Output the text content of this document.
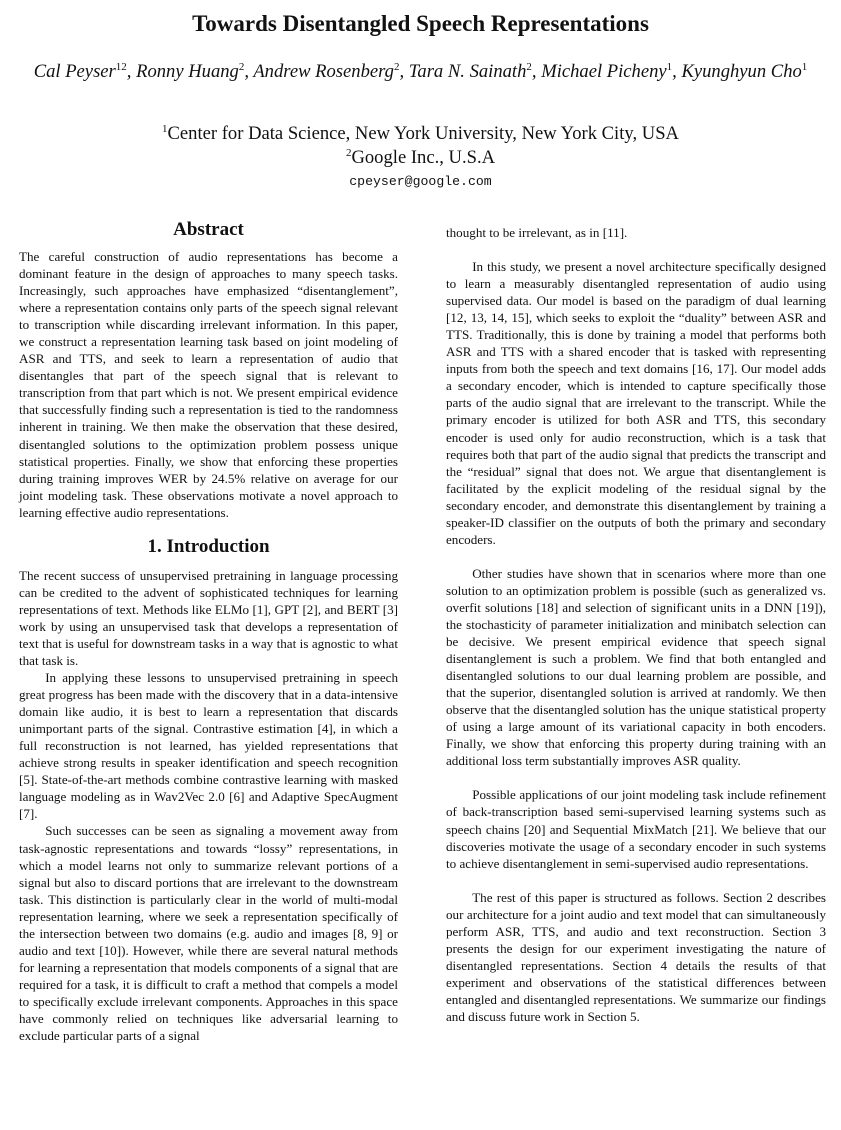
Towards Disentangled Speech Representations
Cal Peyser$^{12}$, Ronny Huang$^2$, Andrew Rosenberg$^2$, Tara N. Sainath$^2$, Michael Picheny$^1$, Kyunghyun Cho$^1$
$^1$Center for Data Science, New York University, New York City, USA
$^2$Google Inc., U.S.A
cpeyser@google.com
Abstract

The careful construction of audio representations has become a dominant feature in the design of approaches to many speech tasks. Increasingly, such approaches have emphasized “disentanglement”, where a representation contains only parts of the speech signal relevant to transcription while discarding irrelevant information. In this paper, we construct a representation learning task based on joint modeling of ASR and TTS, and seek to learn a representation of audio that disentangles that part of the speech signal that is relevant to transcription from that part which is not. We present empirical evidence that successfully finding such a representation is tied to the randomness inherent in training. We then make the observation that these desired, disentangled solutions to the optimization problem possess unique statistical properties. Finally, we show that enforcing these properties during training improves WER by 24.5% relative on average for our joint modeling task. These observations motivate a novel approach to learning effective audio representations.

1. Introduction

The recent success of unsupervised pretraining in language processing can be credited to the advent of sophisticated techniques for learning representations of text. Methods like ELMo [1], GPT [2], and BERT [3] work by using an unsupervised task that develops a representation of text that is useful for downstream tasks in a way that is agnostic to what that task is.

In applying these lessons to unsupervised pretraining in speech great progress has been made with the discovery that in a data-intensive domain like audio, it is best to learn a representation that discards unimportant parts of the signal. Contrastive estimation [4], in which a full reconstruction is not learned, has yielded representations that achieve strong results in speaker identification and speech recognition [5]. State-of-the-art methods combine contrastive learning with masked language modeling as in Wav2Vec 2.0 [6] and Adaptive SpecAugment [7].

Such successes can be seen as signaling a movement away from task-agnostic representations and towards “lossy” representations, in which a model learns not only to summarize relevant portions of a signal but also to discard portions that are irrelevant to the downstream task. This distinction is particularly clear in the world of multi-modal representation learning, where we seek a representation specifically of the intersection between two domains (e.g. audio and images [8, 9] or audio and text [10]). However, while there are several natural methods for learning a representation that models components of a signal that are required for a task, it is difficult to craft a method that compels a model to specifically exclude irrelevant components. Approaches in this space have commonly relied on techniques like adversarial learning to exclude particular parts of a signal

thought to be irrelevant, as in [11].

In this study, we present a novel architecture specifically designed to learn a measurably disentangled representation of audio using supervised data. Our model is based on the paradigm of dual learning [12, 13, 14, 15], which seeks to exploit the “duality” between ASR and TTS. Traditionally, this is done by training a model that performs both ASR and TTS with a shared encoder that is tasked with representing inputs from both the speech and text domains [16, 17]. Our model adds a secondary encoder, which is intended to capture specifically those parts of the audio signal that are irrelevant to the transcript. While the primary encoder is utilized for both ASR and TTS, this secondary encoder is used only for audio reconstruction, which is a task that requires both that part of the audio signal that predicts the transcript and the “residual” signal that does not. We argue that disentanglement is facilitated by the explicit modeling of the residual signal by the secondary encoder, and demonstrate this disentanglement by training a speaker-ID classifier on the outputs of both the primary and secondary encoders.

Other studies have shown that in scenarios where more than one solution to an optimization problem is possible (such as generalized vs. overfit solutions [18] and selection of significant units in a DNN [19]), the stochasticity of parameter initialization and minibatch selection can be decisive. We present empirical evidence that speech signal disentanglement is such a problem. We find that both entangled and disentangled solutions to our dual learning problem are possible, and that the superior, disentangled solution is arrived at randomly. We then observe that the disentangled solution has the unique statistical property of using a large amount of its variational capacity in both encoders. Finally, we show that enforcing this property during training with an additional loss term substantially improves ASR quality.

Possible applications of our joint modeling task include refinement of back-transcription based semi-supervised learning systems such as speech chains [20] and Sequential MixMatch [21]. We believe that our discoveries motivate the usage of a secondary encoder in such systems to achieve disentanglement in semi-supervised audio representations.

The rest of this paper is structured as follows. Section 2 describes our architecture for a joint audio and text model that can simultaneously perform ASR, TTS, and audio and text reconstruction. Section 3 presents the design for our experiment investigating the nature of disentangled representations. Section 4 details the results of that experiment and observations of the statistical differences between entangled and disentangled representations. We summarize our findings and discuss future work in Section 5.
